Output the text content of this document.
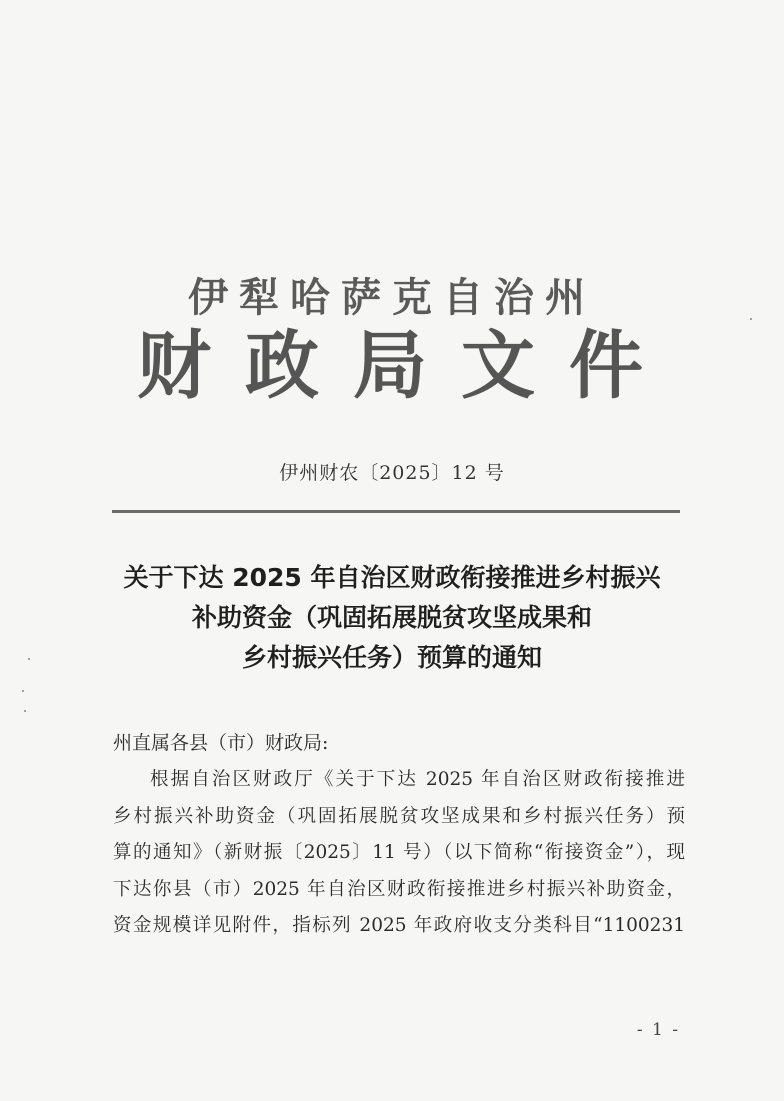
伊犁哈萨克自治州
财政局文件
伊州财农〔2025〕12 号
关于下达 2025 年自治区财政衔接推进乡村振兴
补助资金（巩固拓展脱贫攻坚成果和
乡村振兴任务）预算的通知
州直属各县（市）财政局:
根据自治区财政厅《关于下达 2025 年自治区财政衔接推进
乡村振兴补助资金（巩固拓展脱贫攻坚成果和乡村振兴任务）预
算的通知》（新财振〔2025〕11 号）（以下简称“衔接资金”），现
下达你县（市）2025 年自治区财政衔接推进乡村振兴补助资金，
资金规模详见附件，指标列 2025 年政府收支分类科目“1100231
- 1 -
